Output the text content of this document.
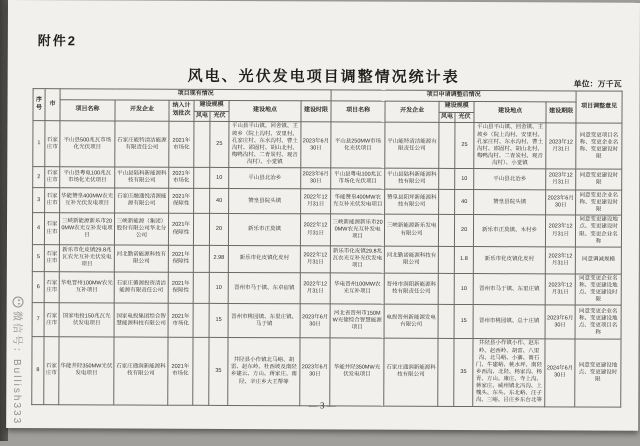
附件2
风电、光伏发电项目调整情况统计表	单位：万千瓦
序号	市	项目现有情况							项目申请调整后情况						项目调整意见
		项目名称	开发企业	纳入计划批次	建设规模		建设地点	建设时限	项目名称	开发企业	建设规模		建设地点	建设期限	
					风电	光伏					风电	光伏			
1	石家庄市	平山县500兆瓦市场化光伏项目	石家庄能特清洁能源有限责任公司	2021年市场化		25	平山县平山镇、回舍镇、王坡乡（院上沟村、安里村、孔家庄村、东水沟村、曹土沟村、邵固村、胡山北村、梅鸭沟村、二青炭村、观音沟村）、小觉镇	2023年6月30日	平山县250MW市场化光伏项目	平山能特清洁能源有限责任公司		25	平山县平山镇、回舍镇、王坡乡（院上沟村、安里村、孔家庄村、东水沟村、曹土沟村、邵固村、胡山北村、梅鸭沟村、二青炭村、观音沟村）、小觉镇	2023年12月31日	同意变更项目名称、变更企业名称、变更建设时限
2	石家庄市	平山县粤电100兆瓦市场化光伏项目	平山县陆科新能源科技有限公司	2021年市场化		10	平山县北冶乡	2023年6月30日	平山县粤电100兆瓦市场化光伏项目	平山县陆科新能源科技有限公司		10	平山县北冶乡	2023年12月31日	同意变更建设时限
3	石家庄市	华能赞皇400MW农光互补光伏发电项目	石家庄融通悦清源能源有限公司	2021年保障性		40	赞皇县院头镇	2022年12月31日	华能赞皇400MW农光互补光伏发电项目	赞皇县阳坪新能源科技有限公司		40	赞皇县院头镇	2023年6月30日	同意变更企业名称、变更建设时限
4	石家庄市	三峡新能源新乐市200MW农光互补发电项目	三峡新能源（集团）股份有限公司华北分公司	2021年保障性		20	新乐市正莫镇	2022年12月31日	三峡新能源新乐市200MW农光互补发电项目	三峡新能源新乐发电有限公司		20	新乐市正莫镇、木村乡	2023年12月31日	同意变更建设地点、变更建设时限、变更企业名称
5	石家庄市	新乐市化皮镇29.8兆瓦农光互补光伏发电项目	河北勤诺能源科技有限公司	2021年保障性		2.98	新乐市化皮镇化皮村	2022年12月31日	新乐市化皮镇29.8兆瓦农光互补光伏发电项目	河北勤诺能源科技有限公司		1.8	新乐市化皮镇化皮村	2023年12月31日	同意调减规模
6	石家庄市	华电晋州100MW农光互补项目	石家庄循源投资清洁能源有限责任公司	2021年保障性		10	晋州市马于镇、东卓宿镇	2022年12月31日	华电晋州100MW农光互补项目	晋州市润阳新能源科技有限责任公司		10	晋州市马于镇、东里庄镇	2023年12月31日	同意变更企业名称、变更建设地点、变更建设时限
7	石家庄市	国家电投150兆瓦光伏发电项目	国家电投集团综合智慧能源科技有限公司	2021年市场化		15	晋州市桃园镇、东里庄镇、马于镇	2023年6月30日	河北省晋州市150MW光储综合智慧能源项目	电投晋州新能源发电有限公司		15	晋州市桃园镇、总十庄镇	2023年6月30日	同意变更企业名称、变更建设地点、变更项目名称
8	石家庄市	华能井陉350MW光伏发电项目	石家庄通润新能源科技有限公司	2021年市场化		35	井陉县小作镇北马峪、胡雷、赵东岭、杜西坡及南陉乡建云、方山、蒋家庄、南陉、辛庄乡大王帮等	2023年6月30日	华能井陉350MW光伏发电项目	石家庄通润新能源科技有限公司		35	井陉县小作镇小作、赵东岭、赵西岭、胡雷、八里沟、北马峪、小寨、南石门、牛建峪、桃水坪、南陉乡西沟、北陉、杨家沟、杨青、方山、康庄、寺上沟、蒋家庄、威州镇北冯沟、上槐头、东头、东北峪、汪子沟、三峪、吕庄乡东台北等	2024年6月30日	同意变更建设地点、变更建设时限
— 3 —
微信号：Bullish333
